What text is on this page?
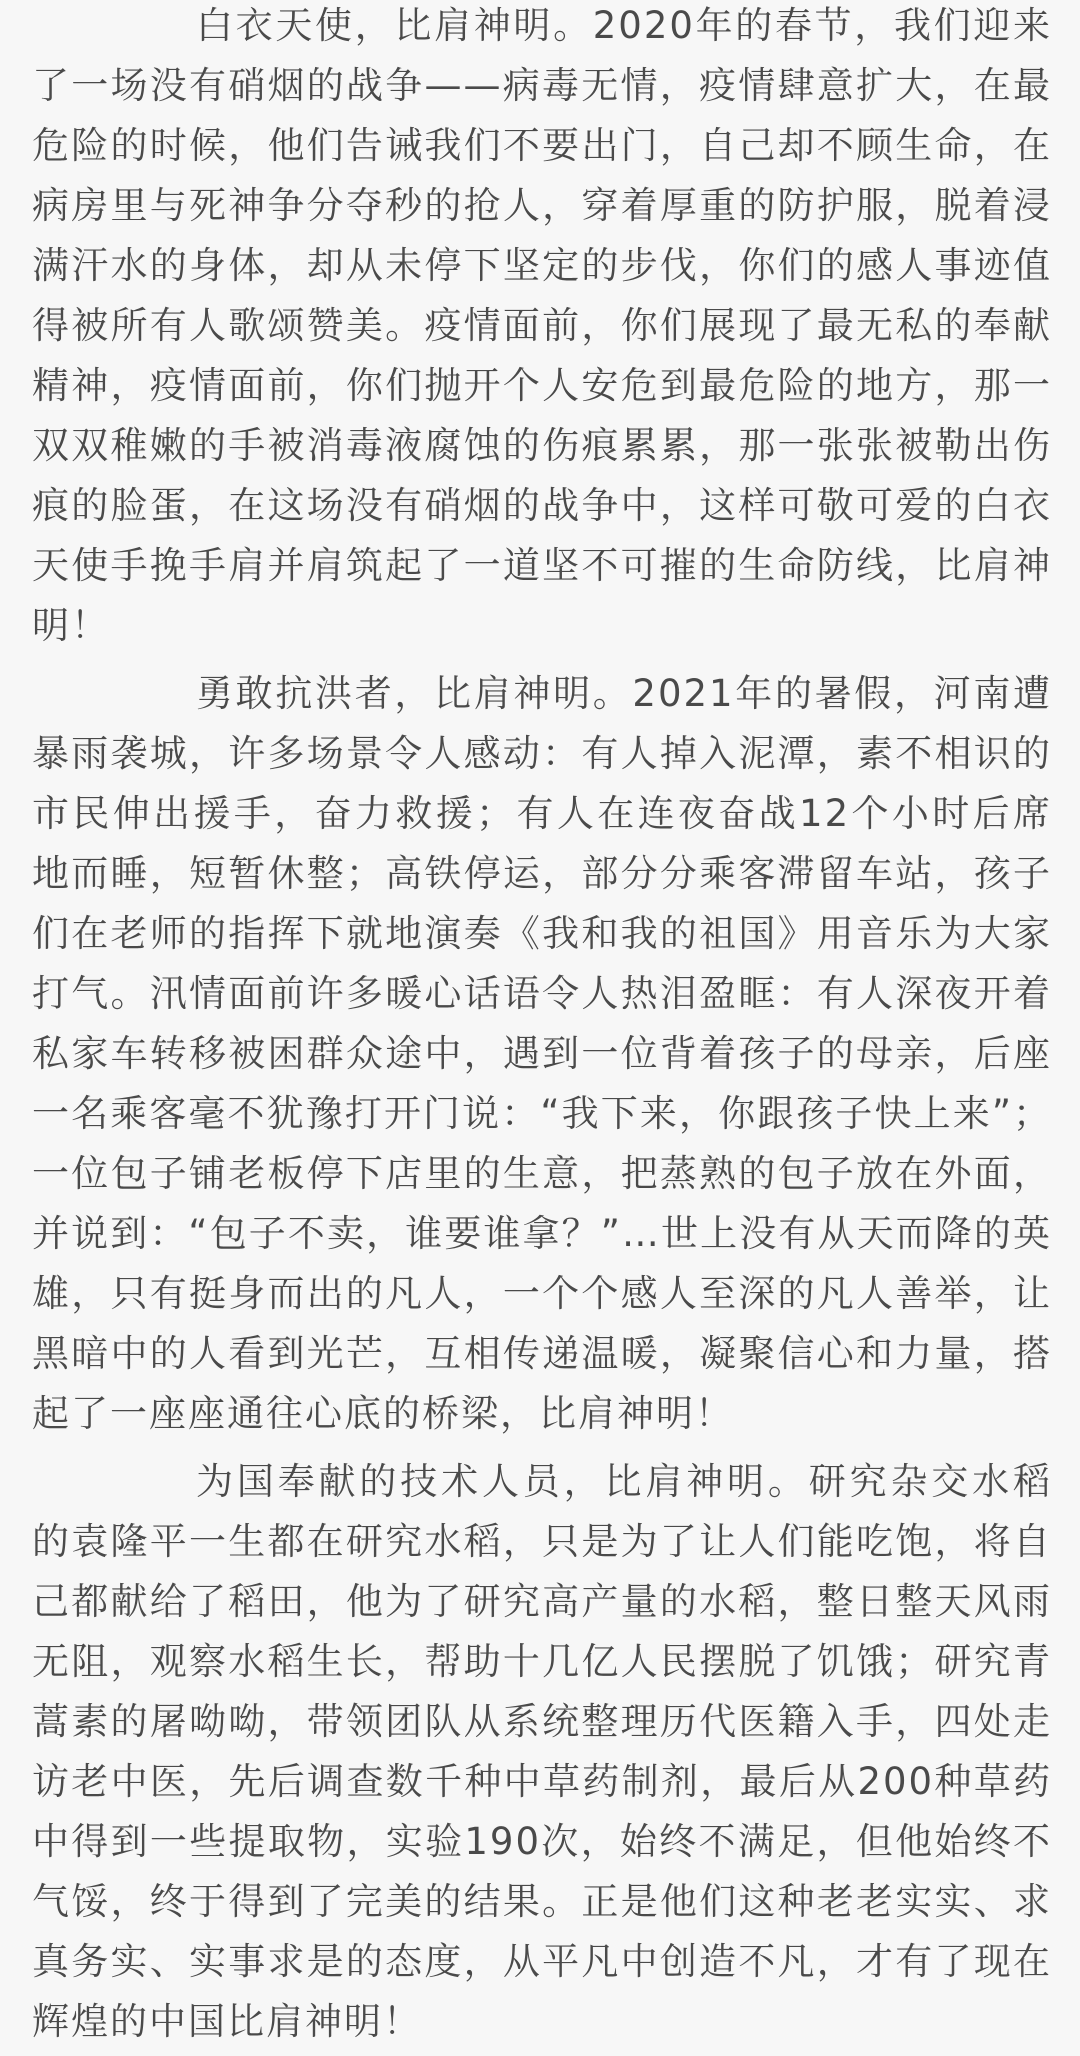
白衣天使，比肩神明。2020年的春节，我们迎来了一场没有硝烟的战争——病毒无情，疫情肆意扩大，在最危险的时候，他们告诫我们不要出门，自己却不顾生命，在病房里与死神争分夺秒的抢人，穿着厚重的防护服，脱着浸满汗水的身体，却从未停下坚定的步伐，你们的感人事迹值得被所有人歌颂赞美。疫情面前，你们展现了最无私的奉献精神，疫情面前，你们抛开个人安危到最危险的地方，那一双双稚嫩的手被消毒液腐蚀的伤痕累累，那一张张被勒出伤痕的脸蛋，在这场没有硝烟的战争中，这样可敬可爱的白衣天使手挽手肩并肩筑起了一道坚不可摧的生命防线，比肩神明！

勇敢抗洪者，比肩神明。2021年的暑假，河南遭暴雨袭城，许多场景令人感动：有人掉入泥潭，素不相识的市民伸出援手，奋力救援；有人在连夜奋战12个小时后席地而睡，短暂休整；高铁停运，部分分乘客滞留车站，孩子们在老师的指挥下就地演奏《我和我的祖国》用音乐为大家打气。汛情面前许多暖心话语令人热泪盈眶：有人深夜开着私家车转移被困群众途中，遇到一位背着孩子的母亲，后座一名乘客毫不犹豫打开门说：“我下来，你跟孩子快上来”；一位包子铺老板停下店里的生意，把蒸熟的包子放在外面，并说到：“包子不卖，谁要谁拿？”…世上没有从天而降的英雄，只有挺身而出的凡人，一个个感人至深的凡人善举，让黑暗中的人看到光芒，互相传递温暖，凝聚信心和力量，搭起了一座座通往心底的桥梁，比肩神明！

为国奉献的技术人员，比肩神明。研究杂交水稻的袁隆平一生都在研究水稻，只是为了让人们能吃饱，将自己都献给了稻田，他为了研究高产量的水稻，整日整天风雨无阻，观察水稻生长，帮助十几亿人民摆脱了饥饿；研究青蒿素的屠呦呦，带领团队从系统整理历代医籍入手，四处走访老中医，先后调查数千种中草药制剂，最后从200种草药中得到一些提取物，实验190次，始终不满足，但他始终不气馁，终于得到了完美的结果。正是他们这种老老实实、求真务实、实事求是的态度，从平凡中创造不凡，才有了现在辉煌的中国比肩神明！
